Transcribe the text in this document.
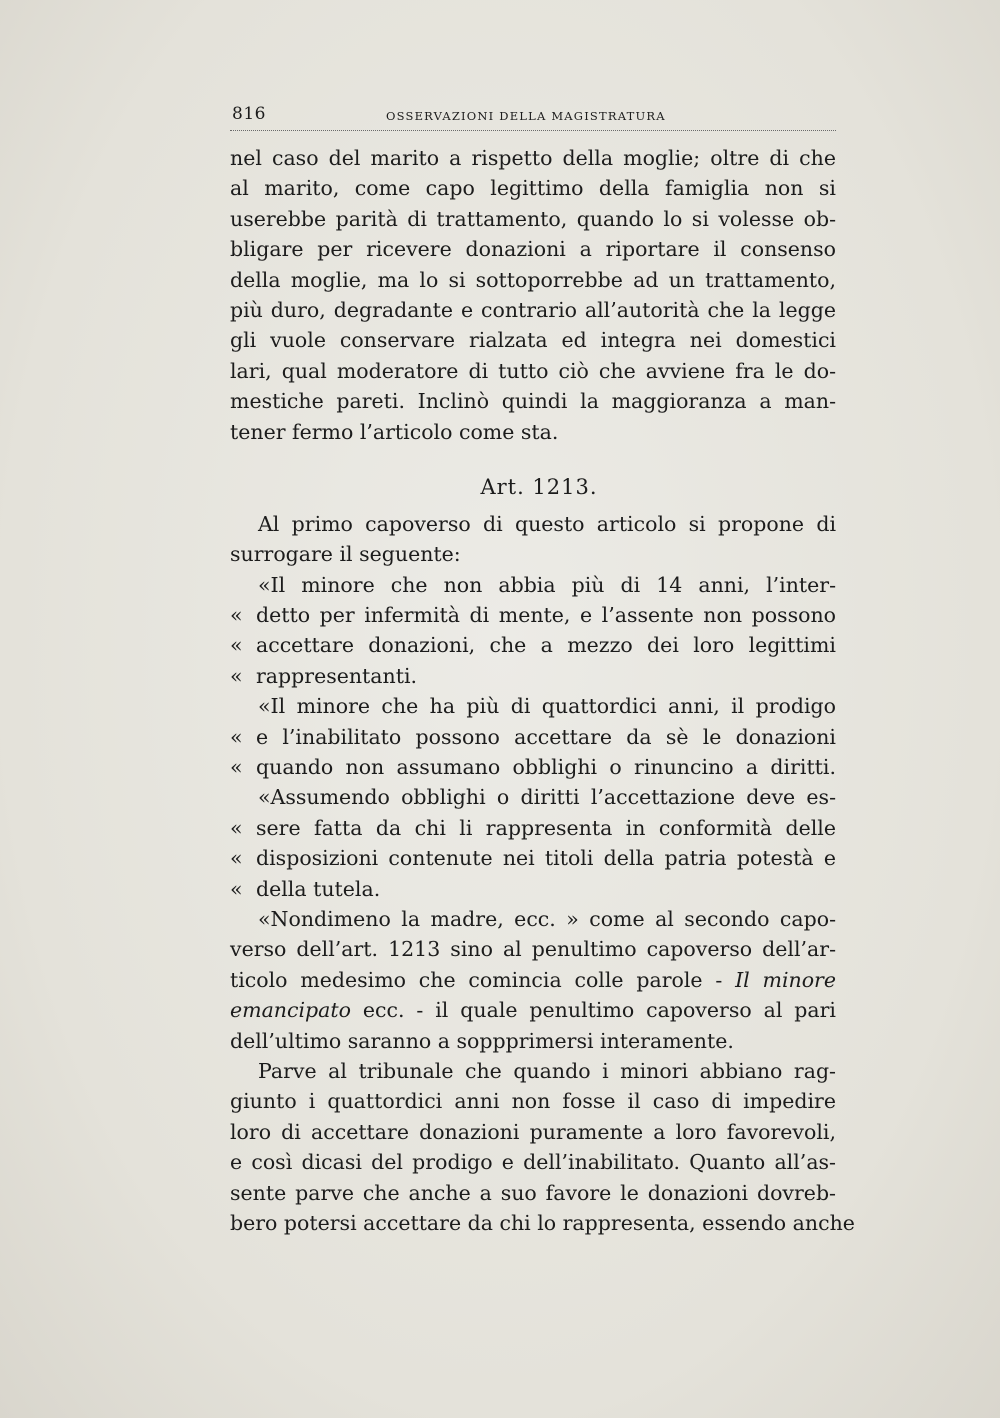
816	OSSERVAZIONI DELLA MAGISTRATURA
nel caso del marito a rispetto della moglie; oltre di che
al marito, come capo legittimo della famiglia non si
userebbe parità di trattamento, quando lo si volesse ob-
bligare per ricevere donazioni a riportare il consenso
della moglie, ma lo si sottoporrebbe ad un trattamento,
più duro, degradante e contrario all’autorità che la legge
gli vuole conservare rialzata ed integra nei domestici
lari, qual moderatore di tutto ciò che avviene fra le do-
mestiche pareti. Inclinò quindi la maggioranza a man-
tener fermo l’articolo come sta.
Art. 1213.
Al primo capoverso di questo articolo si propone di
surrogare il seguente:
«Il minore che non abbia più di 14 anni, l’inter-
« detto per infermità di mente, e l’assente non possono
« accettare donazioni, che a mezzo dei loro legittimi
« rappresentanti.
«Il minore che ha più di quattordici anni, il prodigo
« e l’inabilitato possono accettare da sè le donazioni
« quando non assumano obblighi o rinuncino a diritti.
«Assumendo obblighi o diritti l’accettazione deve es-
« sere fatta da chi li rappresenta in conformità delle
« disposizioni contenute nei titoli della patria potestà e
« della tutela.
«Nondimeno la madre, ecc. » come al secondo capo-
verso dell’art. 1213 sino al penultimo capoverso dell’ar-
ticolo medesimo che comincia colle parole - Il minore
emancipato ecc. - il quale penultimo capoverso al pari
dell’ultimo saranno a soppprimersi interamente.
Parve al tribunale che quando i minori abbiano rag-
giunto i quattordici anni non fosse il caso di impedire
loro di accettare donazioni puramente a loro favorevoli,
e così dicasi del prodigo e dell’inabilitato. Quanto all’as-
sente parve che anche a suo favore le donazioni dovreb-
bero potersi accettare da chi lo rappresenta, essendo anche
